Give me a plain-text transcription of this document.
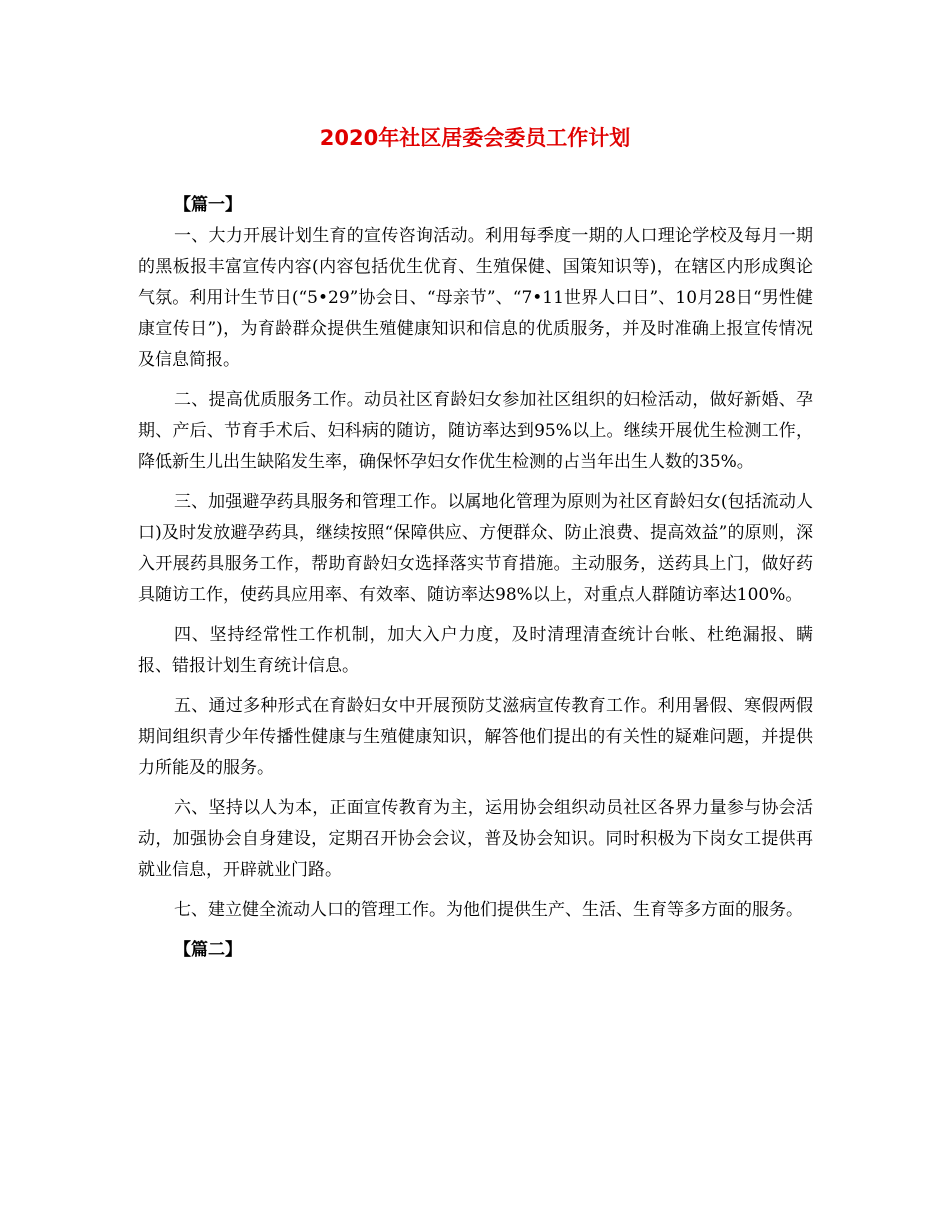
2020年社区居委会委员工作计划

【篇一】

一、大力开展计划生育的宣传咨询活动。利用每季度一期的人口理论学校及每月一期的黑板报丰富宣传内容(内容包括优生优育、生殖保健、国策知识等)，在辖区内形成舆论气氛。利用计生节日(“5•29”协会日、“母亲节”、“7•11世界人口日”、10月28日“男性健康宣传日”)，为育龄群众提供生殖健康知识和信息的优质服务，并及时准确上报宣传情况及信息简报。

二、提高优质服务工作。动员社区育龄妇女参加社区组织的妇检活动，做好新婚、孕期、产后、节育手术后、妇科病的随访，随访率达到95%以上。继续开展优生检测工作，降低新生儿出生缺陷发生率，确保怀孕妇女作优生检测的占当年出生人数的35%。

三、加强避孕药具服务和管理工作。以属地化管理为原则为社区育龄妇女(包括流动人口)及时发放避孕药具，继续按照“保障供应、方便群众、防止浪费、提高效益”的原则，深入开展药具服务工作，帮助育龄妇女选择落实节育措施。主动服务，送药具上门，做好药具随访工作，使药具应用率、有效率、随访率达98%以上，对重点人群随访率达100%。

四、坚持经常性工作机制，加大入户力度，及时清理清查统计台帐、杜绝漏报、瞒报、错报计划生育统计信息。

五、通过多种形式在育龄妇女中开展预防艾滋病宣传教育工作。利用暑假、寒假两假期间组织青少年传播性健康与生殖健康知识，解答他们提出的有关性的疑难问题，并提供力所能及的服务。

六、坚持以人为本，正面宣传教育为主，运用协会组织动员社区各界力量参与协会活动，加强协会自身建设，定期召开协会会议，普及协会知识。同时积极为下岗女工提供再就业信息，开辟就业门路。

七、建立健全流动人口的管理工作。为他们提供生产、生活、生育等多方面的服务。

【篇二】
